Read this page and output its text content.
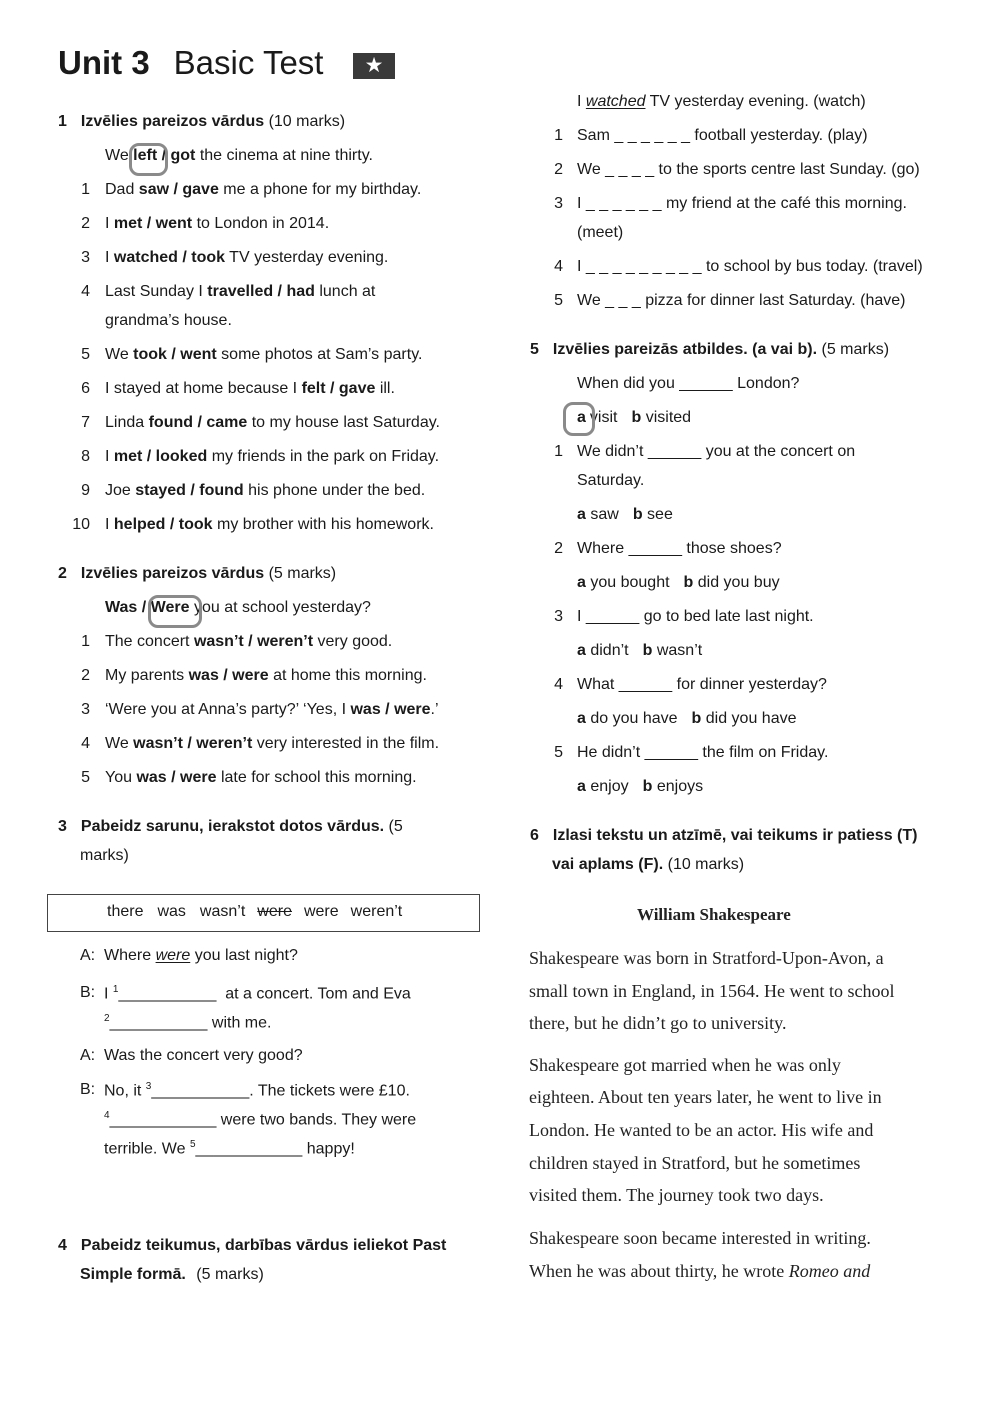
Unit 3 Basic Test	★
1 Izvēlies pareizos vārdus (10 marks)
We left / got the cinema at nine thirty.
1 Dad saw / gave me a phone for my birthday.
2 I met / went to London in 2014.
3 I watched / took TV yesterday evening.
4 Last Sunday I travelled / had lunch at
grandma’s house.
5 We took / went some photos at Sam’s party.
6 I stayed at home because I felt / gave ill.
7 Linda found / came to my house last Saturday.
8 I met / looked my friends in the park on Friday.
9 Joe stayed / found his phone under the bed.
10 I helped / took my brother with his homework.
2 Izvēlies pareizos vārdus (5 marks)
Was / Were you at school yesterday?
1 The concert wasn’t / weren’t very good.
2 My parents was / were at home this morning.
3 ‘Were you at Anna’s party?’ ‘Yes, I was / were.’
4 We wasn’t / weren’t very interested in the film.
5 You was / were late for school this morning.
3 Pabeidz sarunu, ierakstot dotos vārdus. (5
marks)
there was wasn’t were were weren’t
A: Where were you last night?
B: I $^1$___________  at a concert. Tom and Eva
$^2$___________ with me.
A: Was the concert very good?
B: No, it $^3$___________. The tickets were £10.
$^4$____________ were two bands. They were
terrible. We $^5$____________ happy!
4 Pabeidz teikumus, darbības vārdus ieliekot Past
Simple formā. (5 marks)
I watched TV yesterday evening. (watch)
1 Sam _ _ _ _ _ _ football yesterday. (play)
2 We _ _ _ _ to the sports centre last Sunday. (go)
3 I _ _ _ _ _ _ my friend at the café this morning.
(meet)
4 I _ _ _ _ _ _ _ _ _ to school by bus today. (travel)
5 We _ _ _ pizza for dinner last Saturday. (have)
5 Izvēlies pareizās atbildes. (a vai b). (5 marks)
When did you ______ London?
a visit b visited
1 We didn’t ______ you at the concert on
Saturday.
a saw b see
2 Where ______ those shoes?
a you bought b did you buy
3 I ______ go to bed late last night.
a didn’t b wasn’t
4 What ______ for dinner yesterday?
a do you have b did you have
5 He didn’t ______ the film on Friday.
a enjoy b enjoys
6 Izlasi tekstu un atzīmē, vai teikums ir patiess (T)
vai aplams (F). (10 marks)
William Shakespeare
Shakespeare was born in Stratford-Upon-Avon, a
small town in England, in 1564. He went to school
there, but he didn’t go to university.
Shakespeare got married when he was only
eighteen. About ten years later, he went to live in
London. He wanted to be an actor. His wife and
children stayed in Stratford, but he sometimes
visited them. The journey took two days.
Shakespeare soon became interested in writing.
When he was about thirty, he wrote Romeo and
